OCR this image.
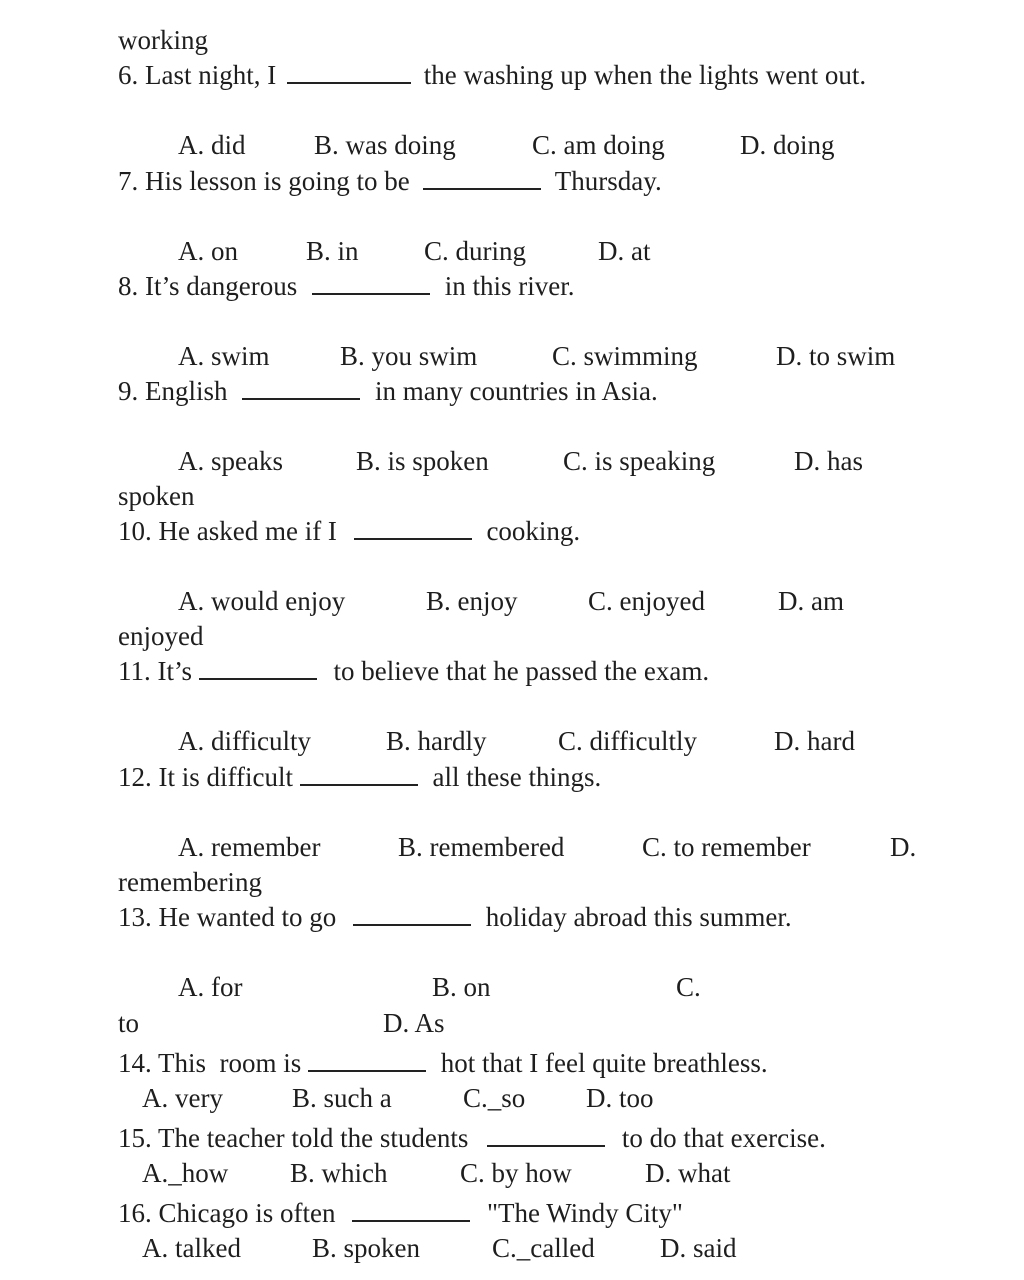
working
6. Last night, I	the washing up when the lights went out.
A. did	B. was doing	C. am doing	D. doing
7. His lesson is going to be	Thursday.
A. on	B. in C. during	D. at
8. It’s dangerous	in this river.
A. swim	B. you swim	C. swimming	D. to swim
9. English	in many countries in Asia.
A. speaks	B. is spoken	C. is speaking	D. has
spoken
10. He asked me if I	cooking.
A. would enjoy	B. enjoy	C. enjoyed	D. am
enjoyed
11. It’s	to believe that he passed the exam.
A. difficulty	B. hardly	C. difficultly	D. hard
12. It is difficult	all these things.
A. remember	B. remembered	C. to remember	D.
remembering
13. He wanted to go	holiday abroad this summer.
A. for	B. on	C.
to	D. As
14. This  room is	hot that I feel quite breathless.
A. very	B. such a	C._so D. too
15. The teacher told the students	to do that exercise.
A._how B. which	C. by how	D. what
16. Chicago is often	"The Windy City"
A. talked	B. spoken	C._called D. said
